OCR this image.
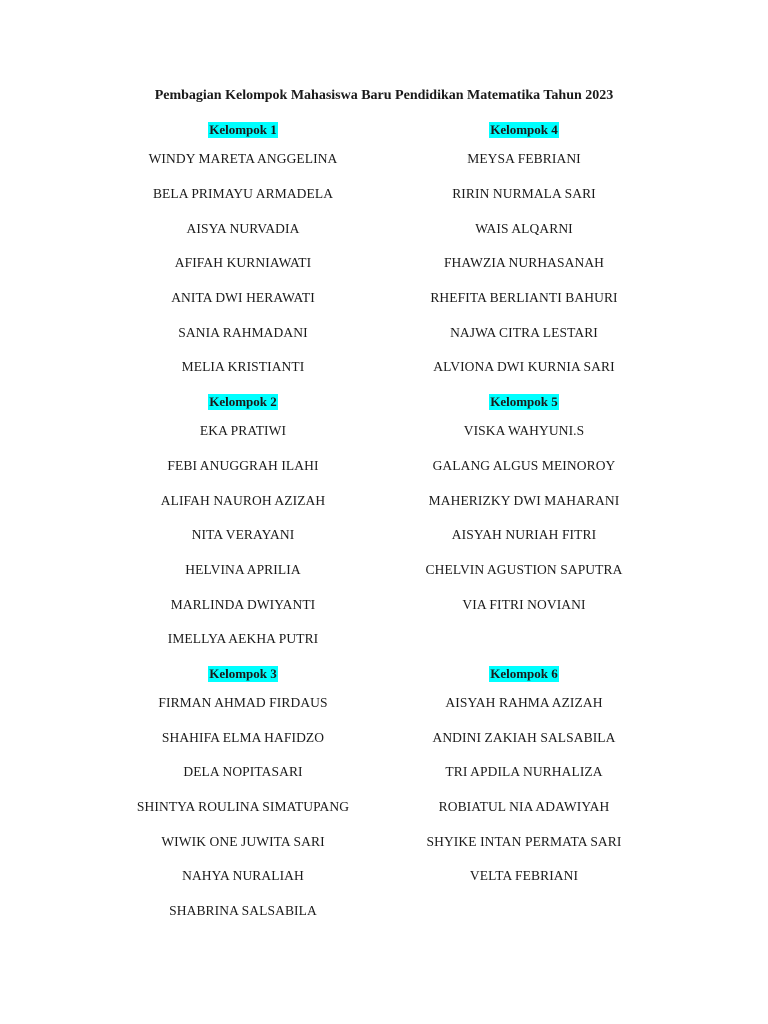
Pembagian Kelompok Mahasiswa Baru Pendidikan Matematika Tahun 2023
Kelompok 1
WINDY MARETA ANGGELINA
BELA PRIMAYU ARMADELA
AISYA NURVADIA
AFIFAH KURNIAWATI
ANITA DWI HERAWATI
SANIA RAHMADANI
MELIA KRISTIANTI
Kelompok 2
EKA PRATIWI
FEBI ANUGGRAH ILAHI
ALIFAH NAUROH AZIZAH
NITA VERAYANI
HELVINA APRILIA
MARLINDA DWIYANTI
IMELLYA AEKHA PUTRI
Kelompok 3
FIRMAN AHMAD FIRDAUS
SHAHIFA ELMA HAFIDZO
DELA NOPITASARI
SHINTYA ROULINA SIMATUPANG
WIWIK ONE JUWITA SARI
NAHYA NURALIAH
SHABRINA SALSABILA
Kelompok 4
MEYSA FEBRIANI
RIRIN NURMALA SARI
WAIS ALQARNI
FHAWZIA NURHASANAH
RHEFITA BERLIANTI BAHURI
NAJWA CITRA LESTARI
ALVIONA DWI KURNIA SARI
Kelompok 5
VISKA WAHYUNI.S
GALANG ALGUS MEINOROY
MAHERIZKY DWI MAHARANI
AISYAH NURIAH FITRI
CHELVIN AGUSTION SAPUTRA
VIA FITRI NOVIANI
Kelompok 6
AISYAH RAHMA AZIZAH
ANDINI ZAKIAH SALSABILA
TRI APDILA NURHALIZA
ROBIATUL NIA ADAWIYAH
SHYIKE INTAN PERMATA SARI
VELTA FEBRIANI
